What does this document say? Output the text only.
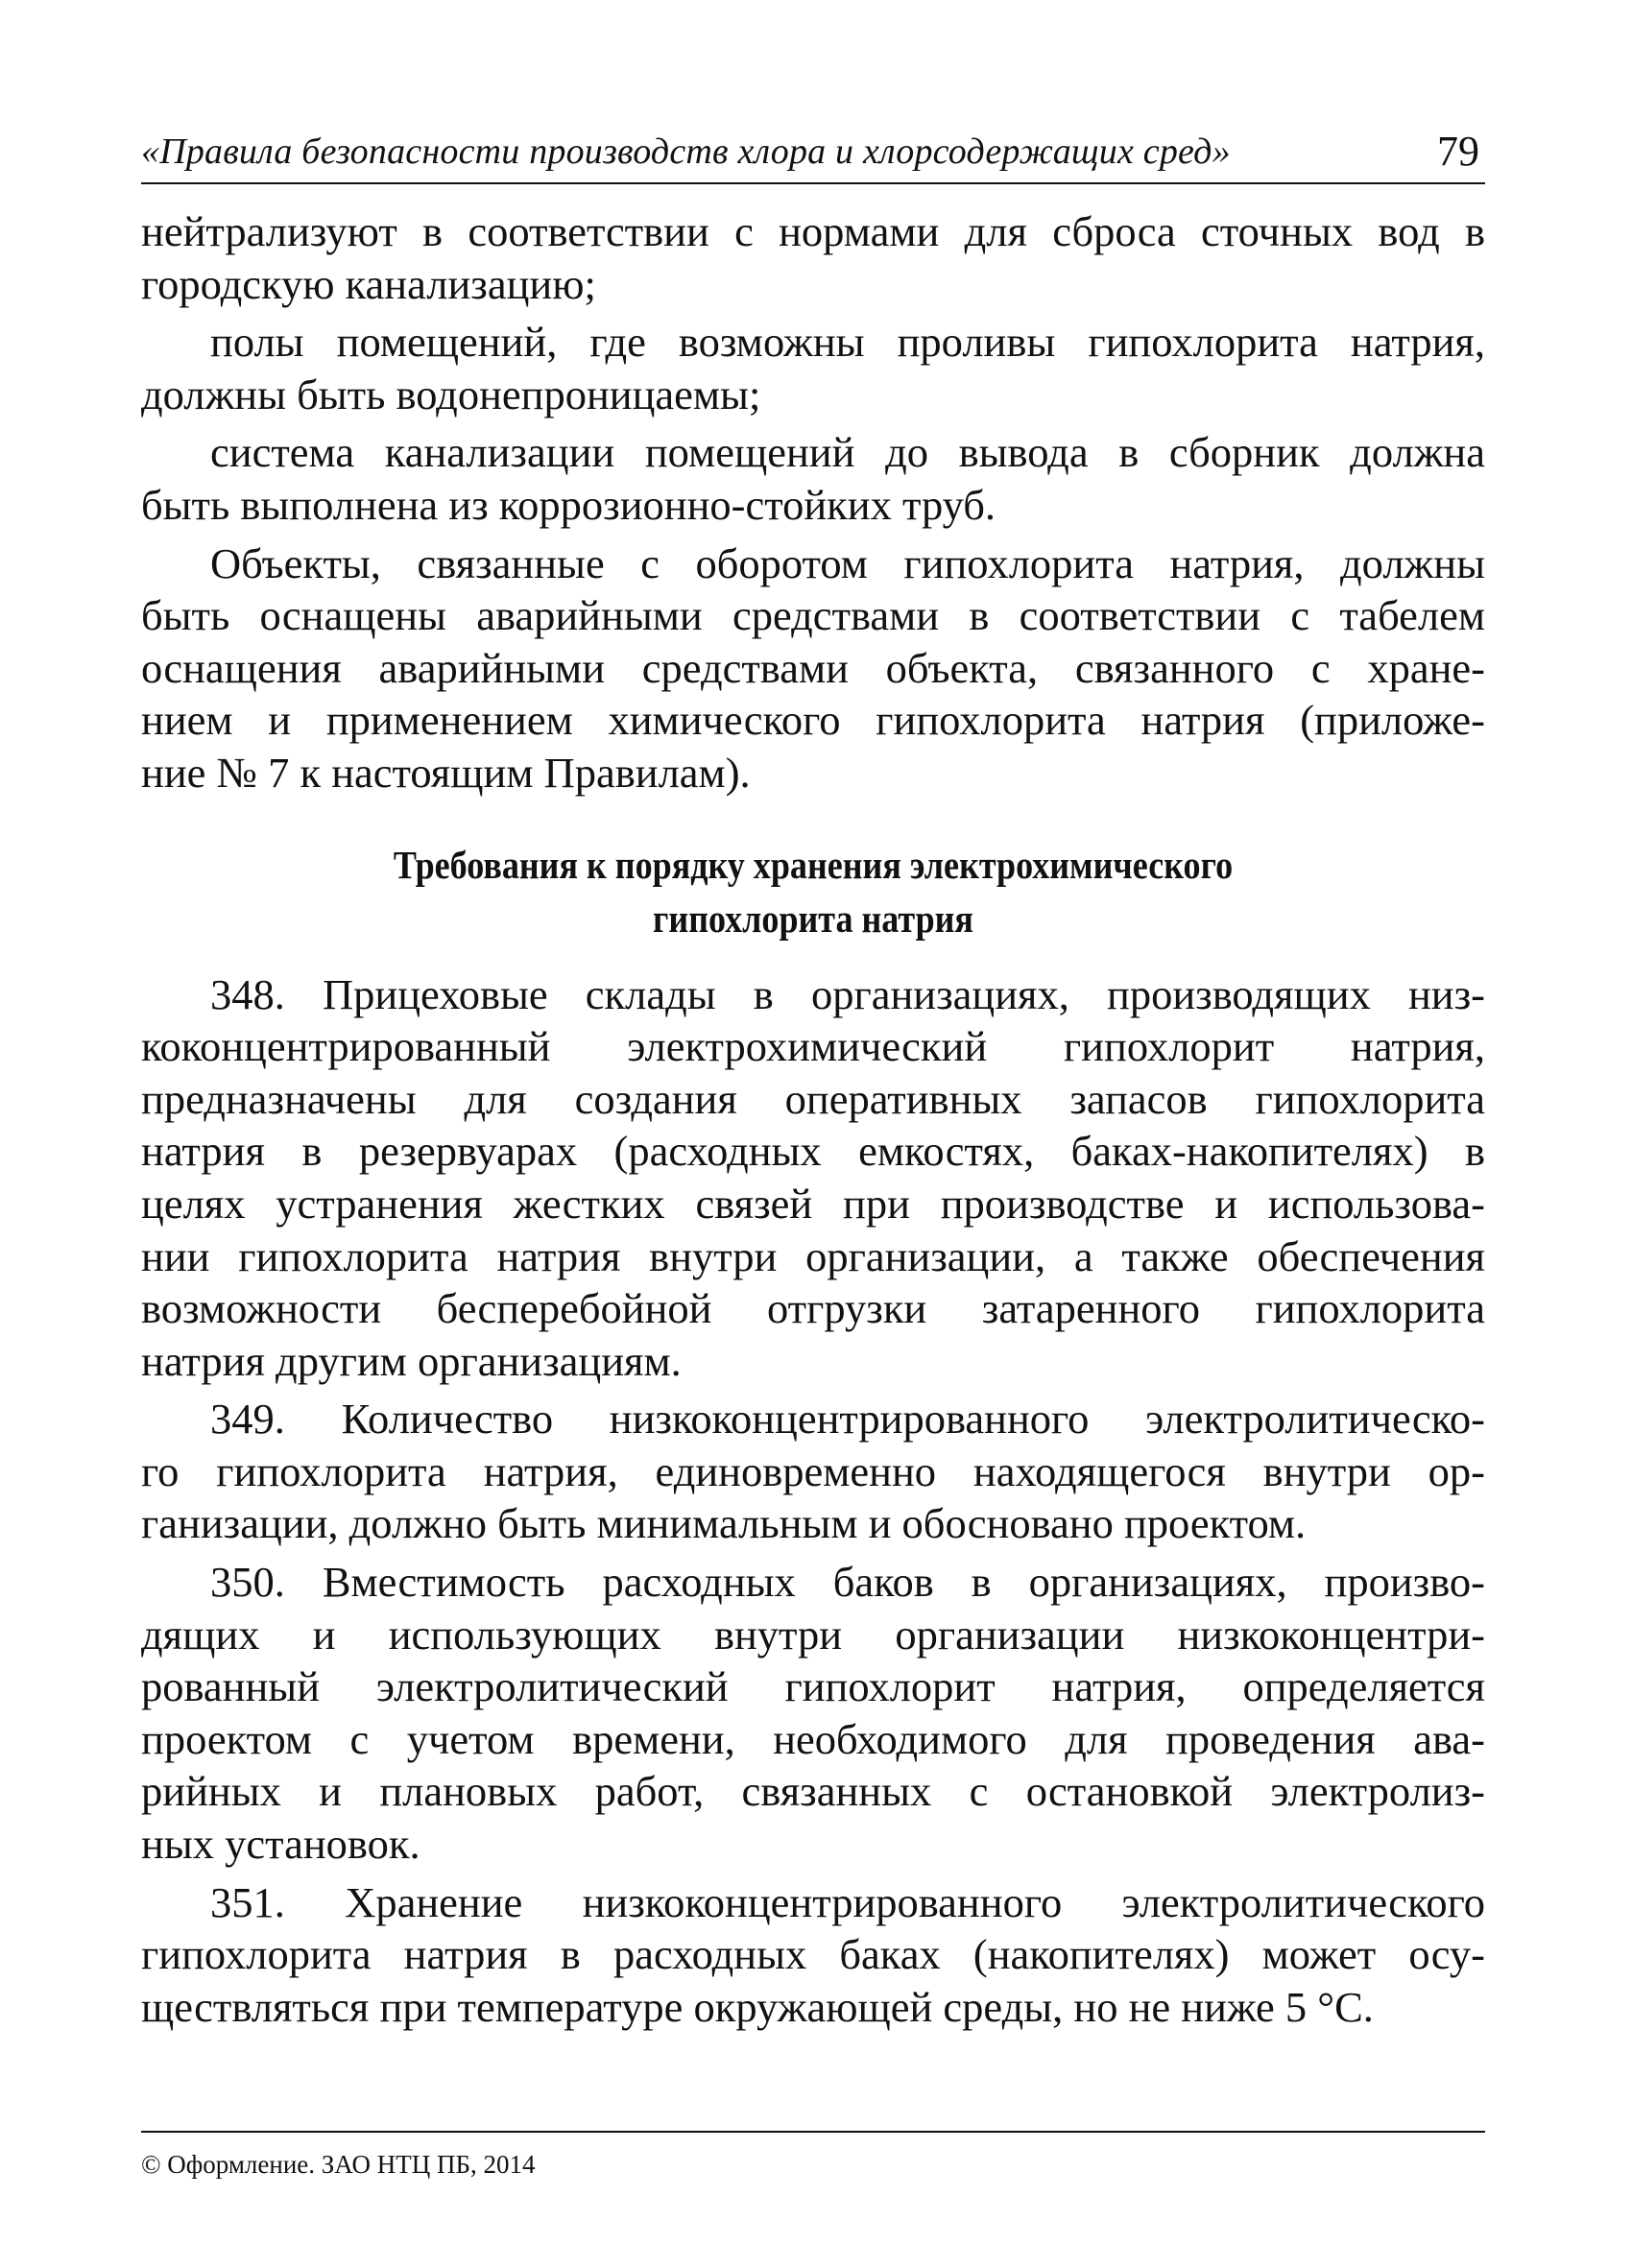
«Правила безопасности производств хлора и хлорсодержащих сред»	79
нейтрализуют в соответствии с нормами для сброса сточных вод в
городскую канализацию;
полы помещений, где возможны проливы гипохлорита натрия,
должны быть водонепроницаемы;
система канализации помещений до вывода в сборник должна
быть выполнена из коррозионно-стойких труб.
Объекты, связанные с оборотом гипохлорита натрия, должны
быть оснащены аварийными средствами в соответствии с табелем
оснащения аварийными средствами объекта, связанного с хране-
нием и применением химического гипохлорита натрия (приложе-
ние № 7 к настоящим Правилам).
Требования к порядку хранения электрохимического
гипохлорита натрия
348. Прицеховые склады в организациях, производящих низ-
коконцентрированный электрохимический гипохлорит натрия,
предназначены для создания оперативных запасов гипохлорита
натрия в резервуарах (расходных емкостях, баках-накопителях) в
целях устранения жестких связей при производстве и использова-
нии гипохлорита натрия внутри организации, а также обеспечения
возможности бесперебойной отгрузки затаренного гипохлорита
натрия другим организациям.
349. Количество низкоконцентрированного электролитическо-
го гипохлорита натрия, единовременно находящегося внутри ор-
ганизации, должно быть минимальным и обосновано проектом.
350. Вместимость расходных баков в организациях, произво-
дящих и использующих внутри организации низкоконцентри-
рованный электролитический гипохлорит натрия, определяется
проектом с учетом времени, необходимого для проведения ава-
рийных и плановых работ, связанных с остановкой электролиз-
ных установок.
351. Хранение низкоконцентрированного электролитического
гипохлорита натрия в расходных баках (накопителях) может осу-
ществляться при температуре окружающей среды, но не ниже 5 °С.
© Оформление. ЗАО НТЦ ПБ, 2014
